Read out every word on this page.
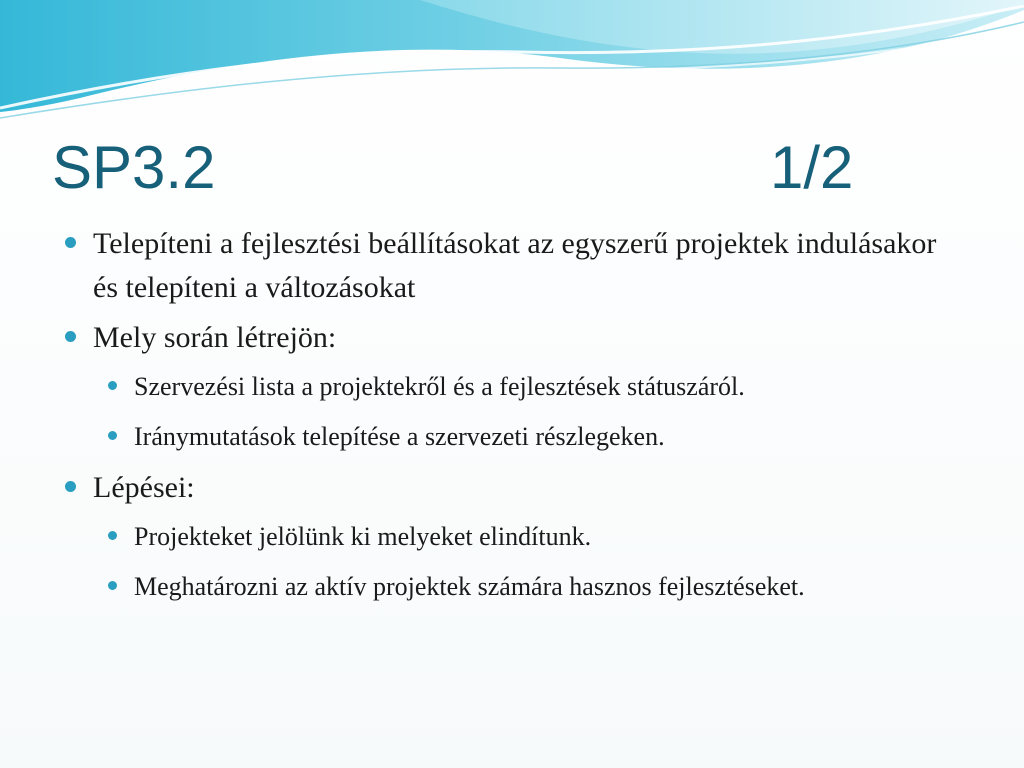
SP3.2	1/2
Telepíteni a fejlesztési beállításokat az egyszerű projektek indulásakor és telepíteni a változásokat
Mely során létrejön:
Szervezési lista a projektekről és a fejlesztések státuszáról.
Iránymutatások telepítése a szervezeti részlegeken.
Lépései:
Projekteket jelölünk ki melyeket elindítunk.
Meghatározni az aktív projektek számára hasznos fejlesztéseket.
